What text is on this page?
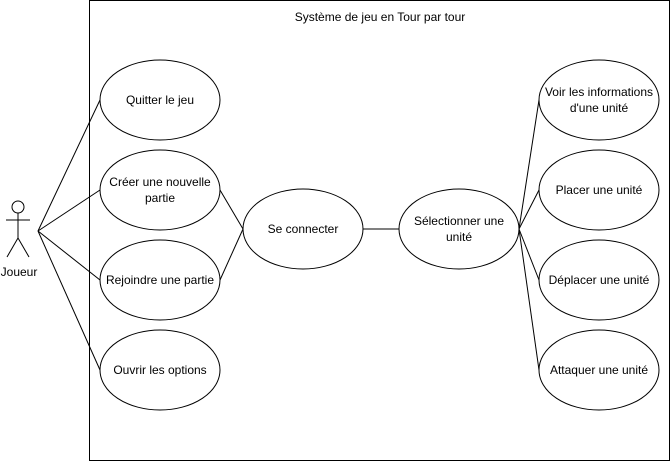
Système de jeu en Tour par tour
Joueur
Quitter le jeu
Créer une nouvelle partie
Rejoindre une partie
Ouvrir les options
Se connecter
Sélectionner une unité
Voir les informations d'une unité
Placer une unité
Déplacer une unité
Attaquer une unité
